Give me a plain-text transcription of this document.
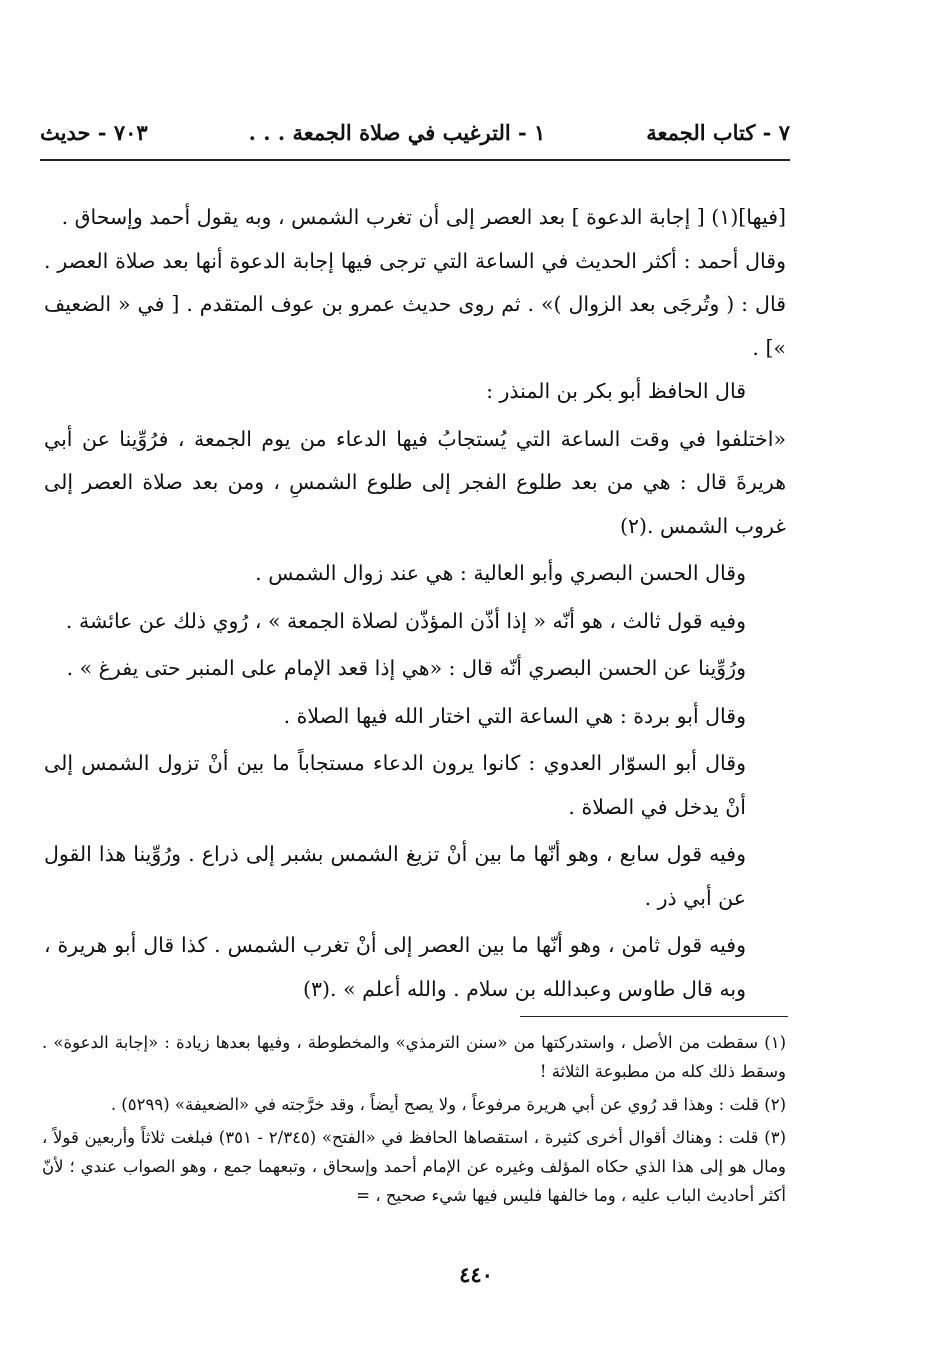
٧ - كتاب الجمعة
١ - الترغيب في صلاة الجمعة . . .
٧٠٣ - حديث

[فيها](١) [ إجابة الدعوة ] بعد العصر إلى أن تغرب الشمس ، وبه يقول أحمد وإسحاق .

وقال أحمد : أكثر الحديث في الساعة التي ترجى فيها إجابة الدعوة أنها بعد صلاة العصر . قال : ( وتُرجَى بعد الزوال )» . ثم روى حديث عمرو بن عوف المتقدم . [ في « الضعيف »] .

قال الحافظ أبو بكر بن المنذر :

«اختلفوا في وقت الساعة التي يُستجابُ فيها الدعاء من يوم الجمعة ، فرُوِّينا عن أبي هريرةَ قال : هي من بعد طلوع الفجر إلى طلوع الشمسِ ، ومن بعد صلاة العصر إلى غروب الشمس .(٢)

وقال الحسن البصري وأبو العالية : هي عند زوال الشمس .

وفيه قول ثالث ، هو أنّه « إذا أذّن المؤذّن لصلاة الجمعة » ، رُوي ذلك عن عائشة .

ورُوِّينا عن الحسن البصري أنّه قال : «هي إذا قعد الإمام على المنبر حتى يفرغ » .

وقال أبو بردة : هي الساعة التي اختار الله فيها الصلاة .

وقال أبو السوّار العدوي : كانوا يرون الدعاء مستجاباً ما بين أنْ تزول الشمس إلى أنْ يدخل في الصلاة .

وفيه قول سابع ، وهو أنّها ما بين أنْ تزيغ الشمس بشبر إلى ذراع . ورُوِّينا هذا القول عن أبي ذر .

وفيه قول ثامن ، وهو أنّها ما بين العصر إلى أنْ تغرب الشمس . كذا قال أبو هريرة ، وبه قال طاوس وعبدالله بن سلام . والله أعلم » .(٣)

(١) سقطت من الأصل ، واستدركتها من «سنن الترمذي» والمخطوطة ، وفيها بعدها زيادة : «إجابة الدعوة» . وسقط ذلك كله من مطبوعة الثلاثة !

(٢) قلت : وهذا قد رُوي عن أبي هريرة مرفوعاً ، ولا يصح أيضاً ، وقد خرَّجته في «الضعيفة» (٥٢٩٩) .

(٣) قلت : وهناك أقوال أخرى كثيرة ، استقصاها الحافظ في «الفتح» (٢/٣٤٥ - ٣٥١) فبلغت ثلاثاً وأربعين قولاً ، ومال هو إلى هذا الذي حكاه المؤلف وغيره عن الإمام أحمد وإسحاق ، وتبعهما جمع ، وهو الصواب عندي ؛ لأنّ أكثر أحاديث الباب عليه ، وما خالفها فليس فيها شيء صحيح ، =

٤٤٠
